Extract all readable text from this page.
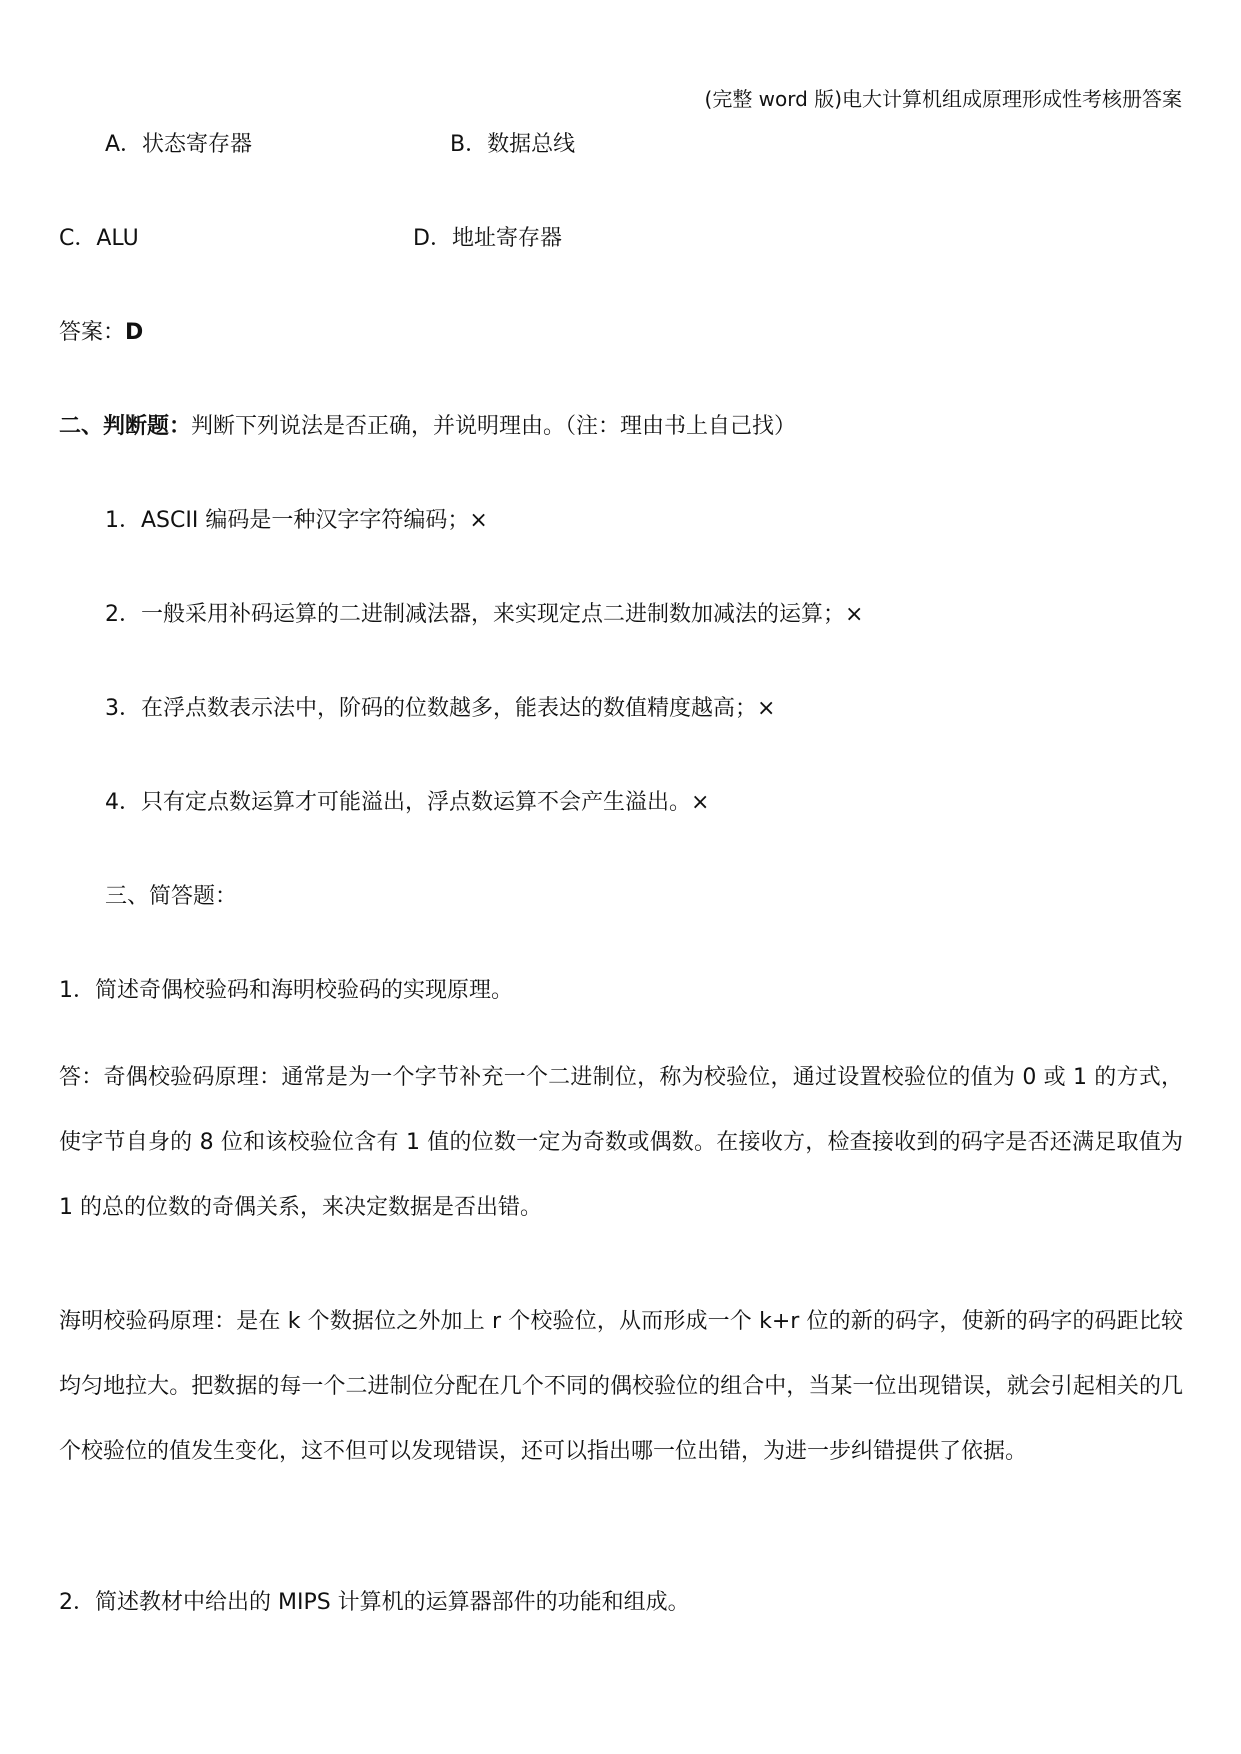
(完整 word 版)电大计算机组成原理形成性考核册答案
A．状态寄存器	B．数据总线
C．ALU	D．地址寄存器
答案：D
二、判断题：判断下列说法是否正确，并说明理由。（注：理由书上自己找）
1．ASCII 编码是一种汉字字符编码；×
2．一般采用补码运算的二进制减法器，来实现定点二进制数加减法的运算；×
3．在浮点数表示法中，阶码的位数越多，能表达的数值精度越高；×
4．只有定点数运算才可能溢出，浮点数运算不会产生溢出。×
三、简答题：
1．简述奇偶校验码和海明校验码的实现原理。
答：奇偶校验码原理：通常是为一个字节补充一个二进制位，称为校验位，通过设置校验位的值为 0 或 1 的方式，使字节自身的 8 位和该校验位含有 1 值的位数一定为奇数或偶数。在接收方，检查接收到的码字是否还满足取值为 1 的总的位数的奇偶关系，来决定数据是否出错。
海明校验码原理：是在 k 个数据位之外加上 r 个校验位，从而形成一个 k+r 位的新的码字，使新的码字的码距比较均匀地拉大。把数据的每一个二进制位分配在几个不同的偶校验位的组合中，当某一位出现错误，就会引起相关的几个校验位的值发生变化，这不但可以发现错误，还可以指出哪一位出错，为进一步纠错提供了依据。
2．简述教材中给出的 MIPS 计算机的运算器部件的功能和组成。
